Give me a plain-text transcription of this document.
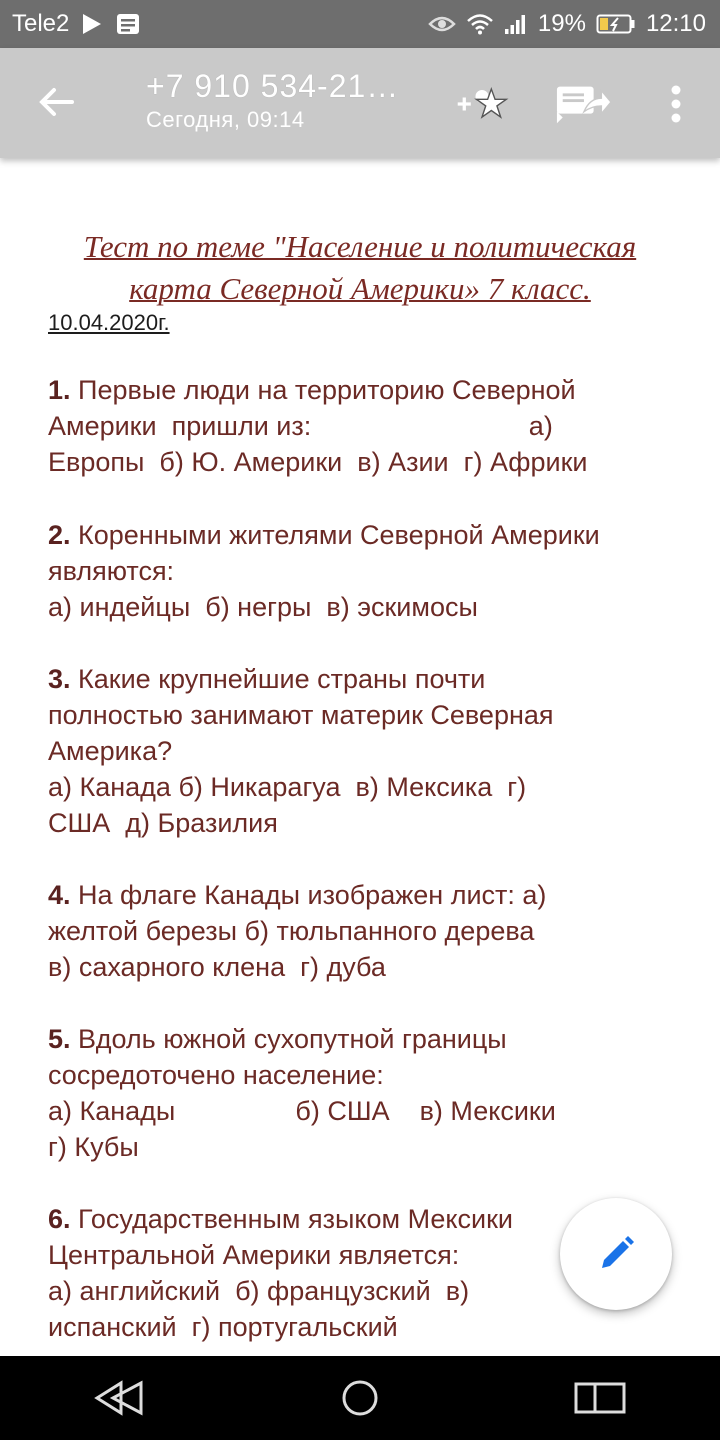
Tele2	19%	12:10
+7 910 534-21…
Сегодня, 09:14
Тест по теме "Население и политическая
карта Северной Америки» 7 класс.
10.04.2020г.
1. Первые люди на территорию Северной
Америки  пришли из:                             а)
Европы  б) Ю. Америки  в) Азии  г) Африки
2. Коренными жителями Северной Америки
являются:
а) индейцы  б) негры  в) эскимосы
3. Какие крупнейшие страны почти
полностью занимают материк Северная
Америка?
а) Канада б) Никарагуа  в) Мексика  г)
США  д) Бразилия
4. На флаге Канады изображен лист: а)
желтой березы б) тюльпанного дерева
в) сахарного клена  г) дуба
5. Вдоль южной сухопутной границы
сосредоточено население:
а) Канады                б) США    в) Мексики
г) Кубы
6. Государственным языком Мексики
Центральной Америки является:
а) английский  б) французский  в)
испанский  г) португальский
